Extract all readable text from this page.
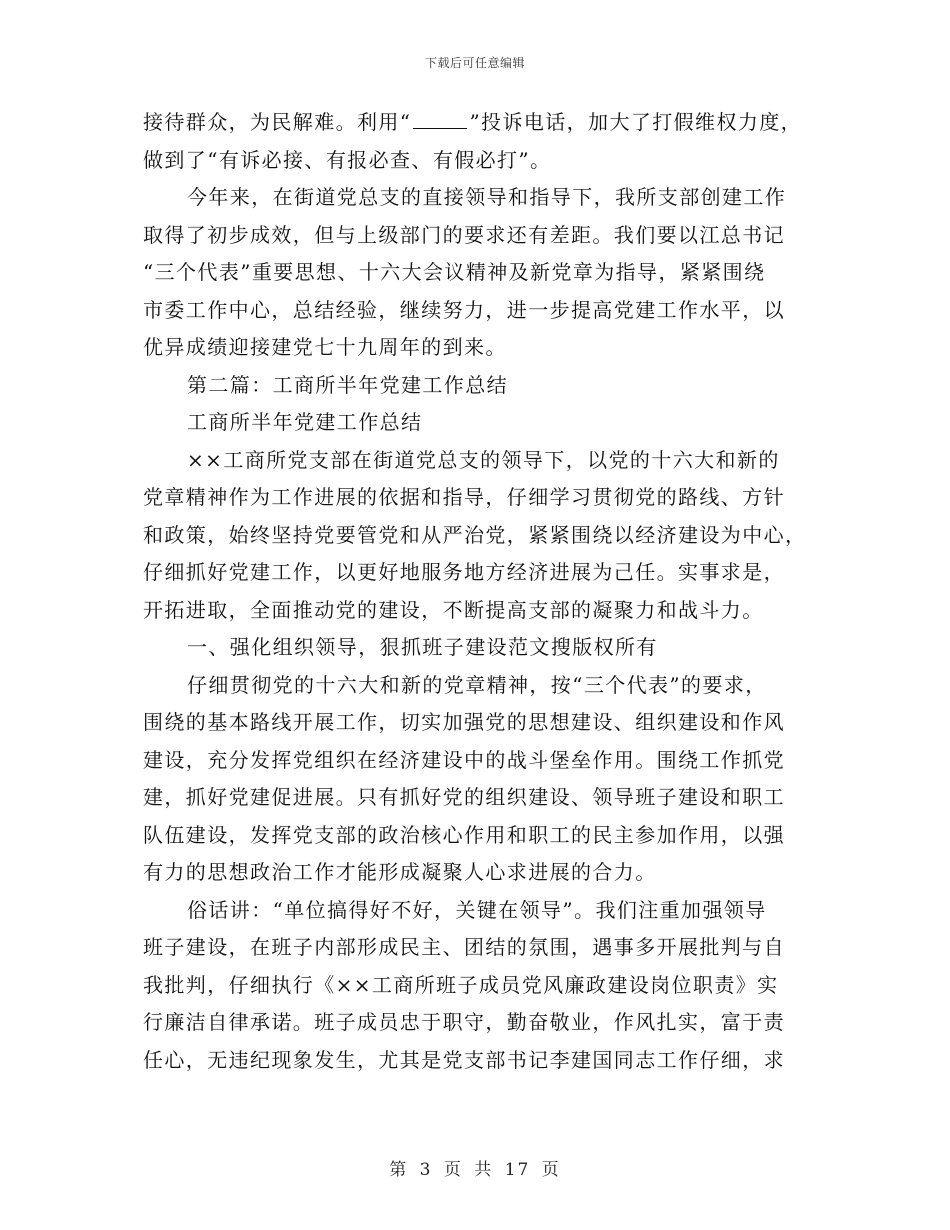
下载后可任意编辑
接待群众，为民解难。利用“	”投诉电话，加大了打假维权力度，
做到了“有诉必接、有报必查、有假必打”。
今年来，在街道党总支的直接领导和指导下，我所支部创建工作
取得了初步成效，但与上级部门的要求还有差距。我们要以江总书记
“三个代表”重要思想、十六大会议精神及新党章为指导，紧紧围绕
市委工作中心，总结经验，继续努力，进一步提高党建工作水平，以
优异成绩迎接建党七十九周年的到来。
第二篇：工商所半年党建工作总结
工商所半年党建工作总结
××工商所党支部在街道党总支的领导下，以党的十六大和新的
党章精神作为工作进展的依据和指导，仔细学习贯彻党的路线、方针
和政策，始终坚持党要管党和从严治党，紧紧围绕以经济建设为中心，
仔细抓好党建工作，以更好地服务地方经济进展为己任。实事求是，
开拓进取，全面推动党的建设，不断提高支部的凝聚力和战斗力。
一、强化组织领导，狠抓班子建设范文搜版权所有
仔细贯彻党的十六大和新的党章精神，按“三个代表”的要求，
围绕的基本路线开展工作，切实加强党的思想建设、组织建设和作风
建设，充分发挥党组织在经济建设中的战斗堡垒作用。围绕工作抓党
建，抓好党建促进展。只有抓好党的组织建设、领导班子建设和职工
队伍建设，发挥党支部的政治核心作用和职工的民主参加作用，以强
有力的思想政治工作才能形成凝聚人心求进展的合力。
俗话讲：“单位搞得好不好，关键在领导”。我们注重加强领导
班子建设，在班子内部形成民主、团结的氛围，遇事多开展批判与自
我批判，仔细执行《××工商所班子成员党风廉政建设岗位职责》实
行廉洁自律承诺。班子成员忠于职守，勤奋敬业，作风扎实，富于责
任心，无违纪现象发生，尤其是党支部书记李建国同志工作仔细，求
第 3 页 共 17 页
